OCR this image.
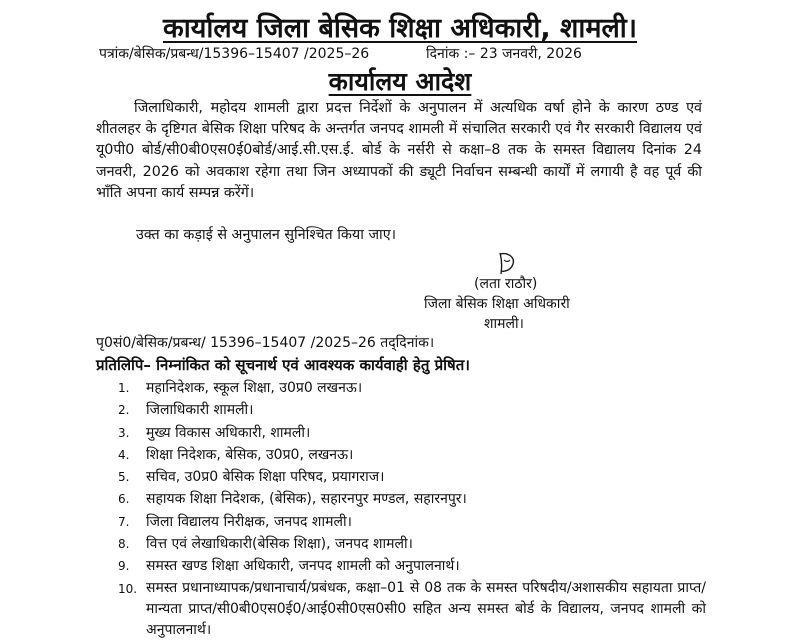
कार्यालय जिला बेसिक शिक्षा अधिकारी, शामली।
पत्रांक/बेसिक/प्रबन्ध/15396–15407 /2025–26	दिनांक :– 23 जनवरी, 2026
कार्यालय आदेश

जिलाधिकारी, महोदय शामली द्वारा प्रदत्त निर्देशों के अनुपालन में अत्यधिक वर्षा होने के कारण ठण्ड एवं शीतलहर के दृष्टिगत बेसिक शिक्षा परिषद के अन्तर्गत जनपद शामली में संचालित सरकारी एवं गैर सरकारी विद्यालय एवं यू0पी0 बोर्ड/सी0बी0एस0ई0बोर्ड/आई.सी.एस.ई. बोर्ड के नर्सरी से कक्षा–8 तक के समस्त विद्यालय दिनांक 24 जनवरी, 2026 को अवकाश रहेगा तथा जिन अध्यापकों की ड्यूटी निर्वाचन सम्बन्धी कार्यों में लगायी है वह पूर्व की भाँति अपना कार्य सम्पन्न करेंगें।

उक्त का कड़ाई से अनुपालन सुनिश्चित किया जाए।
(लता राठौर)
जिला बेसिक शिक्षा अधिकारी
शामली।
पृ0सं0/बेसिक/प्रबन्ध/ 15396–15407 /2025–26 तद्‌दिनांक।
प्रतिलिपि– निम्नांकित को सूचनार्थ एवं आवश्यक कार्यवाही हेतु प्रेषित।
1. महानिदेशक, स्कूल शिक्षा, उ0प्र0 लखनऊ।
2. जिलाधिकारी शामली।
3. मुख्य विकास अधिकारी, शामली।
4. शिक्षा निदेशक, बेसिक, उ0प्र0, लखनऊ।
5. सचिव, उ0प्र0 बेसिक शिक्षा परिषद, प्रयागराज।
6. सहायक शिक्षा निदेशक, (बेसिक), सहारनपुर मण्डल, सहारनपुर।
7. जिला विद्यालय निरीक्षक, जनपद शामली।
8. वित्त एवं लेखाधिकारी(बेसिक शिक्षा), जनपद शामली।
9. समस्त खण्ड शिक्षा अधिकारी, जनपद शामली को अनुपालनार्थ।
10. समस्त प्रधानाध्यापक/प्रधानाचार्य/प्रबंधक, कक्षा–01 से 08 तक के समस्त परिषदीय/अशासकीय सहायता प्राप्त/मान्यता प्राप्त/सी0बी0एस0ई0/आई0सी0एस0सी0 सहित अन्य समस्त बोर्ड के विद्यालय, जनपद शामली को अनुपालनार्थ।
